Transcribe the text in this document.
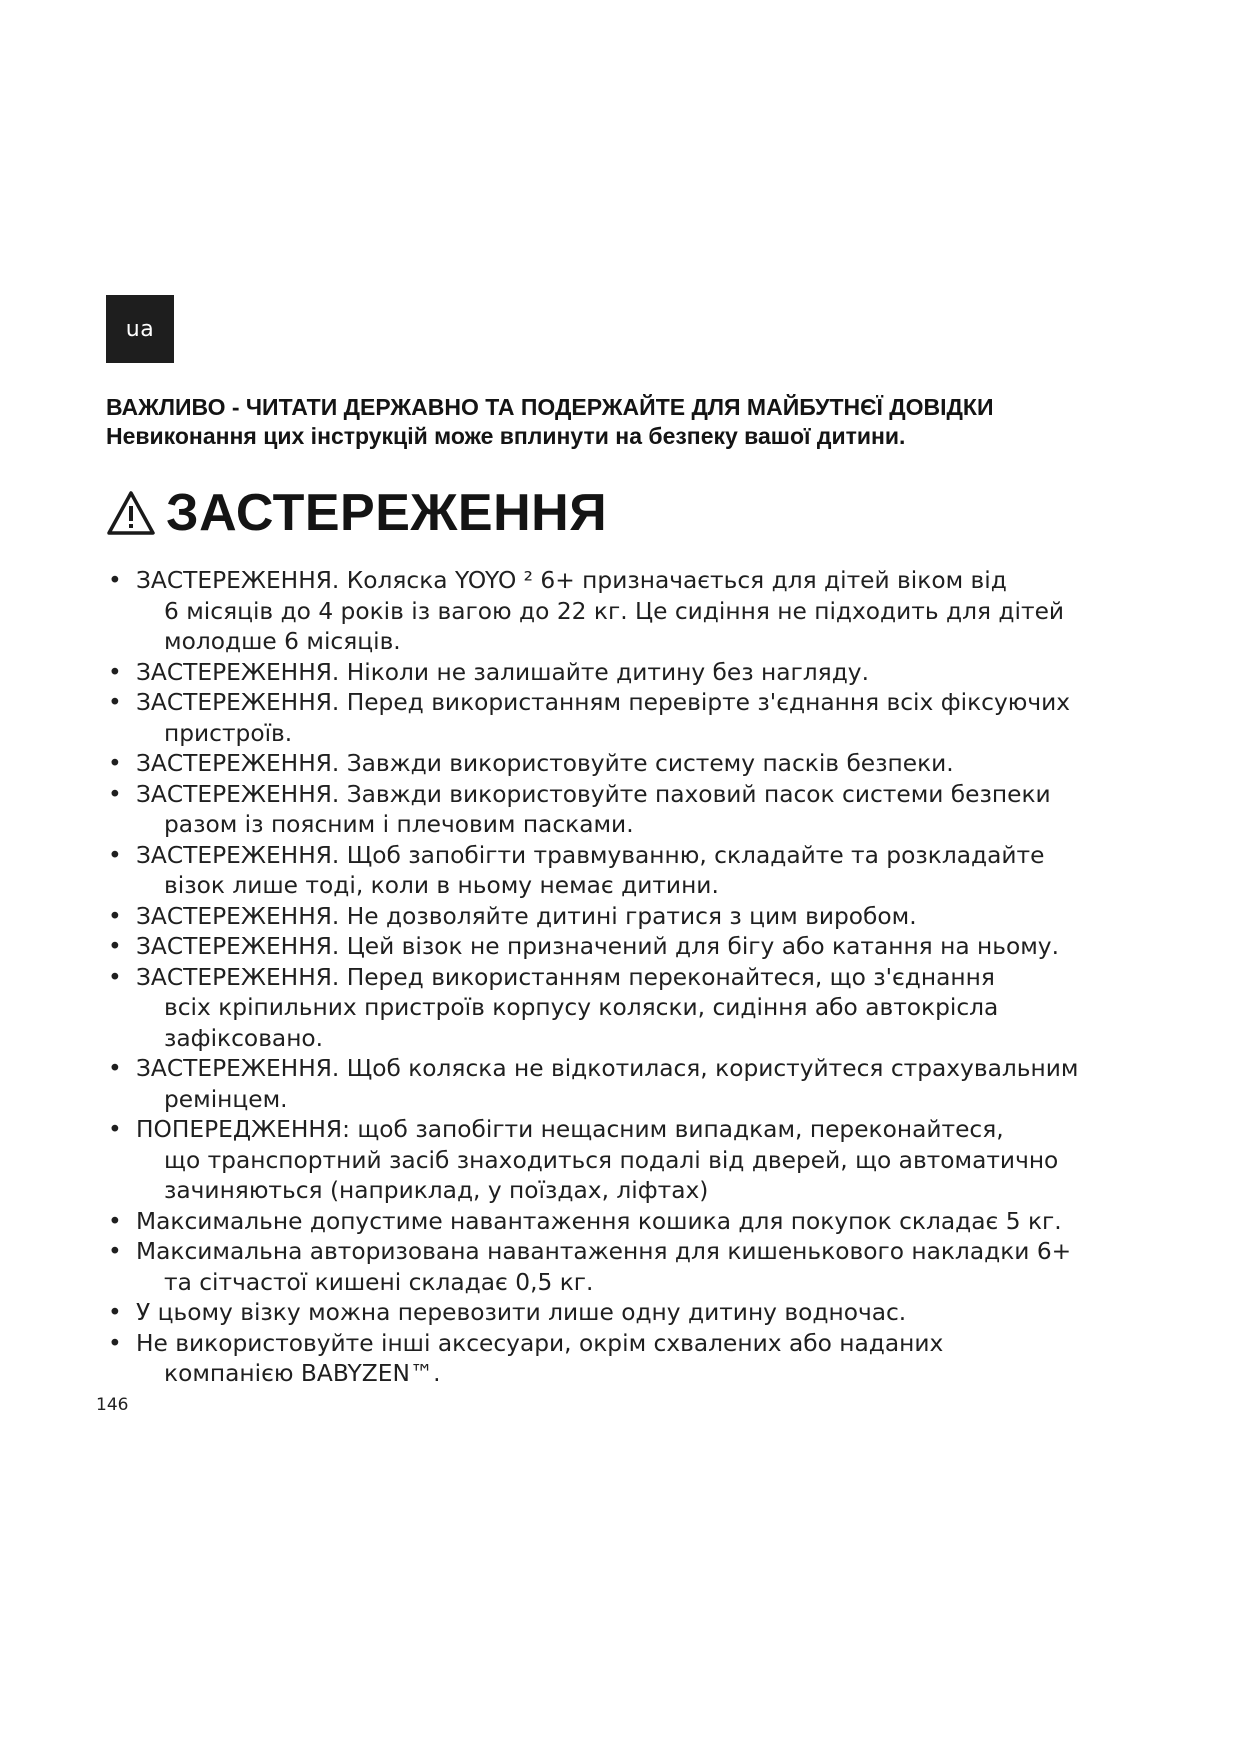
ua
ВАЖЛИВО - ЧИТАТИ ДЕРЖАВНО ТА ПОДЕРЖАЙТЕ ДЛЯ МАЙБУТНЄЇ ДОВІДКИ
Невиконання цих інструкцій може вплинути на безпеку вашої дитини.
ЗАСТЕРЕЖЕННЯ
• ЗАСТЕРЕЖЕННЯ. Коляска YOYO ² 6+ призначається для дітей віком від
6 місяців до 4 років із вагою до 22 кг. Це сидіння не підходить для дітей
молодше 6 місяців.
• ЗАСТЕРЕЖЕННЯ. Ніколи не залишайте дитину без нагляду.
• ЗАСТЕРЕЖЕННЯ. Перед використанням перевірте з'єднання всіх фіксуючих
пристроїв.
• ЗАСТЕРЕЖЕННЯ. Завжди використовуйте систему пасків безпеки.
• ЗАСТЕРЕЖЕННЯ. Завжди використовуйте паховий пасок системи безпеки
разом із поясним і плечовим пасками.
• ЗАСТЕРЕЖЕННЯ. Щоб запобігти травмуванню, складайте та розкладайте
візок лише тоді, коли в ньому немає дитини.
• ЗАСТЕРЕЖЕННЯ. Не дозволяйте дитині гратися з цим виробом.
• ЗАСТЕРЕЖЕННЯ. Цей візок не призначений для бігу або катання на ньому.
• ЗАСТЕРЕЖЕННЯ. Перед використанням переконайтеся, що з'єднання
всіх кріпильних пристроїв корпусу коляски, сидіння або автокрісла
зафіксовано.
• ЗАСТЕРЕЖЕННЯ. Щоб коляска не відкотилася, користуйтеся страхувальним
ремінцем.
• ПОПЕРЕДЖЕННЯ: щоб запобігти нещасним випадкам, переконайтеся,
що транспортний засіб знаходиться подалі від дверей, що автоматично
зачиняються (наприклад, у поїздах, ліфтах)
• Максимальне допустиме навантаження кошика для покупок складає 5 кг.
• Максимальна авторизована навантаження для кишенькового накладки 6+
та сітчастої кишені складає 0,5 кг.
• У цьому візку можна перевозити лише одну дитину водночас.
• Не використовуйте інші аксесуари, окрім схвалених або наданих
компанією BABYZEN™.
146
